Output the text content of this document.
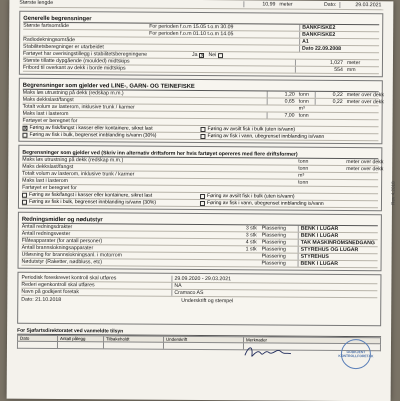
Største lengde	10,99 meter	Dato:	29.03.2021
Generelle begrensninger
Største fartsområde	For perioden f.o.m 15.05 t.o.m 30.09	BANKFISKE2
For perioden f.o.m 01.10 t.o.m 14.05	BANKFISKE2
Radiodekningsområde	A1
Stabilitetsberegninger er utarbeidet	Dato 22.09.2008
Fartøyet har overisingstillegg i stabilitetsberegningene	Ja X Nei
Største tillatte dypgående (moulded) midtskips	1,027 meter
Fribord til overkant av dekk i borde midtskips	554 mm
Begrensninger som gjelder ved LINE-, GARN- OG TEINEFISKE
Maks løs utrustning på dekk (redskap m.m.)	1,20 tonn	0,22 meter over dekk
Maks dekkslast/fangst	0,65 tonn	0,22 meter over dekk
Totalt volum av lasterom, inklusive trunk / karmer	m³
Maks last i lasterom	7,00 tonn
Fartøyet er beregnet for
X Føring av fisk/fangst i kasser eller kontainere, sikret last	Føring av avsilt fisk i bulk (uten is/vann)
Føring av fisk i bulk, begrenset innblanding is/vann (30%)	Føring av fisk i vann, ubegrenset innblanding is/vann
Begrensninger som gjelder ved (Skriv inn alternativ driftsform her hvis fartøyet opereres med flere driftsformer)
Maks løs utrustning på dekk (redskap m.m.)	tonn	meter over dekk
Maks dekkslast/fangst	tonn	meter over dekk
Totalt volum av lasterom, inklusive trunk / karmer	m³
Maks last i lasterom	tonn
Fartøyet er beregnet for
Føring av fisk/fangst i kasser eller kontainere, sikret last	Føring av avsilt fisk i bulk (uten is/vann)
Føring av fisk i bulk, begrenset innblanding is/vann (30%)	Føring av fisk i vann, ubegrenset innblanding is/vann
Redningsmidler og nødutstyr
Antall redningsdrakter	3 stk Plassering	BENK I LUGAR
Antall redningsvester	3 stk Plassering	BENK I LUGAR
Flåteapparater (for antall personer)	4 stk Plassering	TAK MASKINROMSNEDGANG
Antall brannslokningsapparater	1 stk Plassering	STYREHUS OG LUGAR
Utløsning for brannslokningsanl. i motorrom	Plassering	STYREHUS
Nødutstyr (Raketter, nødbluss, etc)	Plassering	BENK I LUGAR
Periodisk foreskrevet kontroll skal utføres	29.09.2020 - 29.03.2021
Rederi egenkontroll skal utføres	NA
Navn på godkjent foretak	Cramaco AS
Dato: 21.10.2018	Underskrift og stempel
For Sjøfartsdirektoratet ved vanmeldte tilsyn
Dato	Antall pålegg	Tilbakeholdt	Underskrift	Merknader
GODKJENT KONTROLLFORETAK
Rev 4.2018
